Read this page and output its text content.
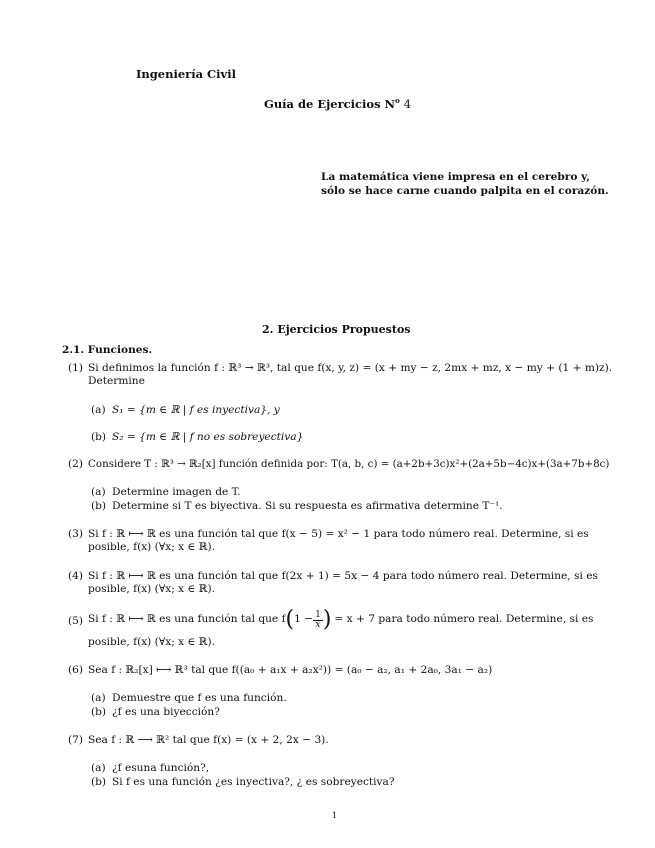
Ingeniería Civil
Guía de Ejercicios $N^o$ 4
La matemática viene impresa en el cerebro y,
sólo se hace carne cuando palpita en el corazón.
2. Ejercicios Propuestos
2.1. Funciones.
(1) Si definimos la función f : ℝ³ → ℝ³, tal que f(x, y, z) = (x + my − z, 2mx + mz, x − my + (1 + m)z).
Determine
(a) S₁ = {m ∈ ℝ | f es inyectiva}, y
(b) S₂ = {m ∈ ℝ | f no es sobreyectiva}
(2) Considere T : ℝ³ → ℝ₂[x] función definida por: T(a, b, c) = (a+2b+3c)x²+(2a+5b−4c)x+(3a+7b+8c)
(a) Determine imagen de T.
(b) Determine si T es biyectiva. Si su respuesta es afirmativa determine T⁻¹.
(3) Si f : ℝ ⟼ ℝ es una función tal que f(x − 5) = x² − 1 para todo número real. Determine, si es
posible, f(x) (∀x; x ∈ ℝ).
(4) Si f : ℝ ⟼ ℝ es una función tal que f(2x + 1) = 5x − 4 para todo número real. Determine, si es
posible, f(x) (∀x; x ∈ ℝ).
(5) Si f : ℝ ⟼ ℝ es una función tal que f ( $1 - \frac{1}{x}$ ) = x + 7 para todo número real. Determine, si es
posible, f(x) (∀x; x ∈ ℝ).
(6) Sea f : ℝ₂[x] ⟼ ℝ³ tal que f((a₀ + a₁x + a₂x²)) = (a₀ − a₂, a₁ + 2a₀, 3a₁ − a₂)
(a) Demuestre que f es una función.
(b) ¿f es una biyección?
(7) Sea f : ℝ ⟶ ℝ² tal que f(x) = (x + 2, 2x − 3).
(a) ¿f esuna función?,
(b) Si f es una función ¿es inyectiva?, ¿ es sobreyectiva?
1
